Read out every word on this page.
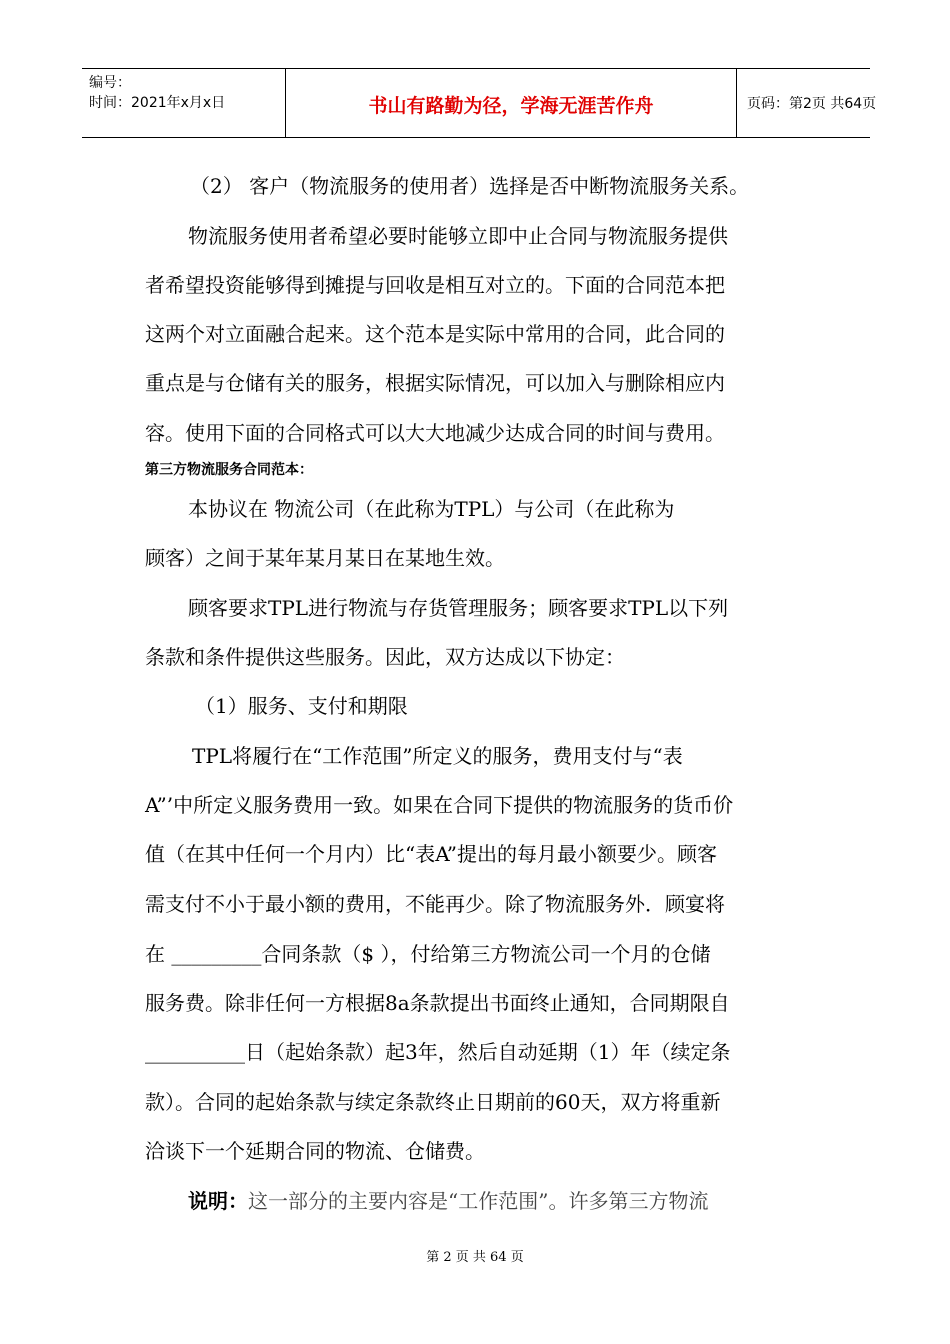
编号：
时间：2021年x月x日	书山有路勤为径，学海无涯苦作舟	页码：第2页 共64页
（2） 客户（物流服务的使用者）选择是否中断物流服务关系。
物流服务使用者希望必要时能够立即中止合同与物流服务提供
者希望投资能够得到摊提与回收是相互对立的。下面的合同范本把
这两个对立面融合起来。这个范本是实际中常用的合同，此合同的
重点是与仓储有关的服务，根据实际情况，可以加入与删除相应内
容。使用下面的合同格式可以大大地减少达成合同的时间与费用。
第三方物流服务合同范本：
本协议在 物流公司（在此称为TPL）与公司（在此称为
顾客）之间于某年某月某日在某地生效。
顾客要求TPL进行物流与存货管理服务；顾客要求TPL以下列
条款和条件提供这些服务。因此，双方达成以下协定：
（1）服务、支付和期限
TPL将履行在“工作范围”所定义的服务，费用支付与“表
A”’中所定义服务费用一致。如果在合同下提供的物流服务的货币价
值（在其中任何一个月内）比“表A”提出的每月最小额要少。顾客
需支付不小于最小额的费用，不能再少。除了物流服务外．顾宴将
在 _________合同条款（$ ），付给第三方物流公司一个月的仓储
服务费。除非任何一方根据8a条款提出书面终止通知，合同期限自
__________日（起始条款）起3年，然后自动延期（1）年（续定条
款）。合同的起始条款与续定条款终止日期前的60天，双方将重新
洽谈下一个延期合同的物流、仓储费。
说明：这一部分的主要内容是“工作范围”。许多第三方物流
第 2 页 共 64 页
